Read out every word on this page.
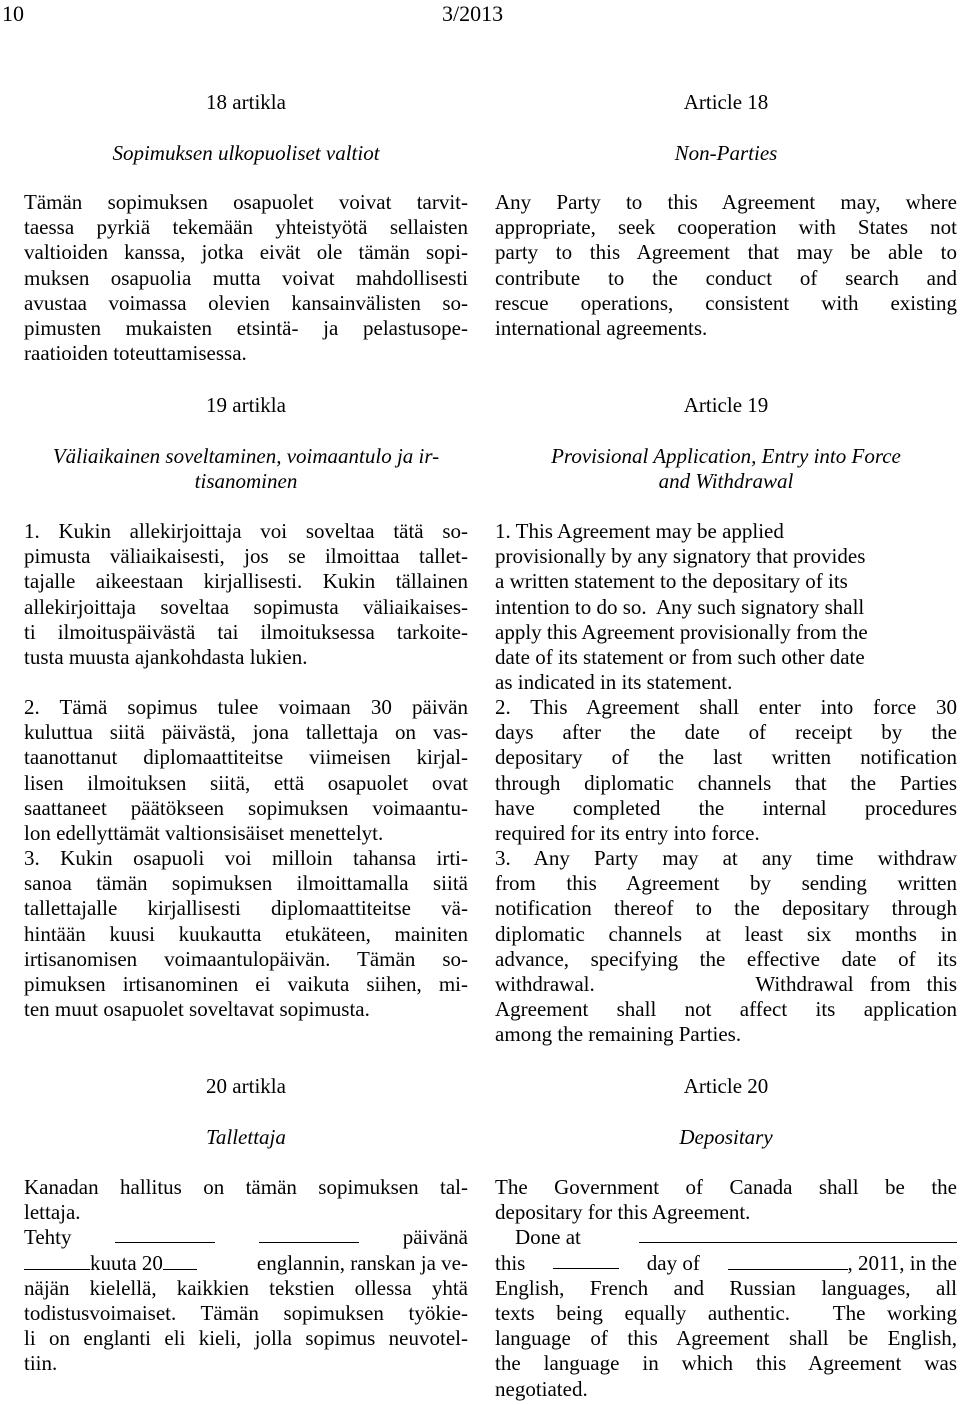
10	3/2013
18 artikla
Sopimuksen ulkopuoliset valtiot
Tämän sopimuksen osapuolet voivat tarvit-
taessa pyrkiä tekemään yhteistyötä sellaisten
valtioiden kanssa, jotka eivät ole tämän sopi-
muksen osapuolia mutta voivat mahdollisesti
avustaa voimassa olevien kansainvälisten so-
pimusten mukaisten etsintä- ja pelastusope-
raatioiden toteuttamisessa.
19 artikla
Väliaikainen soveltaminen, voimaantulo ja ir-
tisanominen
1. Kukin allekirjoittaja voi soveltaa tätä so-
pimusta väliaikaisesti, jos se ilmoittaa tallet-
tajalle aikeestaan kirjallisesti. Kukin tällainen
allekirjoittaja soveltaa sopimusta väliaikaises-
ti ilmoituspäivästä tai ilmoituksessa tarkoite-
tusta muusta ajankohdasta lukien.
2. Tämä sopimus tulee voimaan 30 päivän
kuluttua siitä päivästä, jona tallettaja on vas-
taanottanut diplomaattiteitse viimeisen kirjal-
lisen ilmoituksen siitä, että osapuolet ovat
saattaneet päätökseen sopimuksen voimaantu-
lon edellyttämät valtionsisäiset menettelyt.
3. Kukin osapuoli voi milloin tahansa irti-
sanoa tämän sopimuksen ilmoittamalla siitä
tallettajalle kirjallisesti diplomaattiteitse vä-
hintään kuusi kuukautta etukäteen, mainiten
irtisanomisen voimaantulopäivän. Tämän so-
pimuksen irtisanominen ei vaikuta siihen, mi-
ten muut osapuolet soveltavat sopimusta.
20 artikla
Tallettaja
Kanadan hallitus on tämän sopimuksen tal-
lettaja.
Tehty	päivänä
kuuta 20	englannin, ranskan ja ve-
näjän kielellä, kaikkien tekstien ollessa yhtä
todistusvoimaiset. Tämän sopimuksen työkie-
li on englanti eli kieli, jolla sopimus neuvotel-
tiin.
Article 18
Non-Parties
Any Party to this Agreement may, where
appropriate, seek cooperation with States not
party to this Agreement that may be able to
contribute to the conduct of search and
rescue operations, consistent with existing
international agreements.
Article 19
Provisional Application, Entry into Force
and Withdrawal
1. This Agreement may be applied
provisionally by any signatory that provides
a written statement to the depositary of its
intention to do so.  Any such signatory shall
apply this Agreement provisionally from the
date of its statement or from such other date
as indicated in its statement.
2. This Agreement shall enter into force 30
days after the date of receipt by the
depositary of the last written notification
through diplomatic channels that the Parties
have completed the internal procedures
required for its entry into force.
3. Any Party may at any time withdraw
from this Agreement by sending written
notification thereof to the depositary through
diplomatic channels at least six months in
advance, specifying the effective date of its
withdrawal.          Withdrawal from this
Agreement shall not affect its application
among the remaining Parties.
Article 20
Depositary
The Government of Canada shall be the
depositary for this Agreement.
Done at
this	day of	, 2011, in the
English, French and Russian languages, all
texts being equally authentic.  The working
language of this Agreement shall be English,
the language in which this Agreement was
negotiated.
